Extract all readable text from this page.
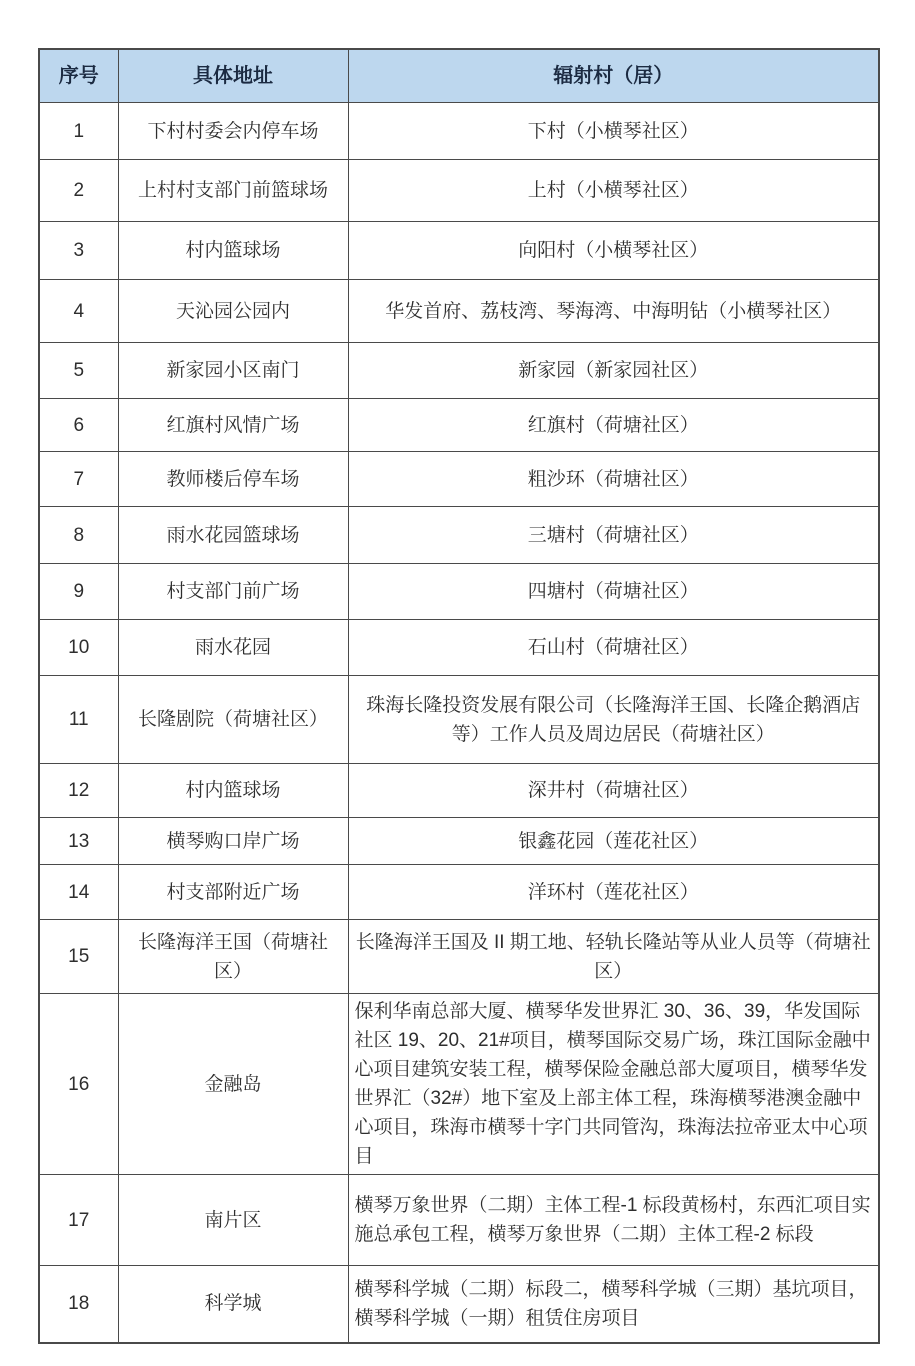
序号	具体地址	辐射村（居）
1	下村村委会内停车场	下村（小横琴社区）
2	上村村支部门前篮球场	上村（小横琴社区）
3	村内篮球场	向阳村（小横琴社区）
4	天沁园公园内	华发首府、荔枝湾、琴海湾、中海明钻（小横琴社区）
5	新家园小区南门	新家园（新家园社区）
6	红旗村风情广场	红旗村（荷塘社区）
7	教师楼后停车场	粗沙环（荷塘社区）
8	雨水花园篮球场	三塘村（荷塘社区）
9	村支部门前广场	四塘村（荷塘社区）
10	雨水花园	石山村（荷塘社区）
11	长隆剧院（荷塘社区）	珠海长隆投资发展有限公司（长隆海洋王国、长隆企鹅酒店等）工作人员及周边居民（荷塘社区）
12	村内篮球场	深井村（荷塘社区）
13	横琴购口岸广场	银鑫花园（莲花社区）
14	村支部附近广场	洋环村（莲花社区）
15	长隆海洋王国（荷塘社区）	长隆海洋王国及 II 期工地、轻轨长隆站等从业人员等（荷塘社区）
16	金融岛	保利华南总部大厦、横琴华发世界汇 30、36、39，华发国际社区 19、20、21#项目，横琴国际交易广场，珠江国际金融中心项目建筑安装工程，横琴保险金融总部大厦项目，横琴华发世界汇（32#）地下室及上部主体工程，珠海横琴港澳金融中心项目，珠海市横琴十字门共同管沟，珠海法拉帝亚太中心项目
17	南片区	横琴万象世界（二期）主体工程-1 标段黄杨村，东西汇项目实施总承包工程，横琴万象世界（二期）主体工程-2 标段
18	科学城	横琴科学城（二期）标段二，横琴科学城（三期）基坑项目，横琴科学城（一期）租赁住房项目
